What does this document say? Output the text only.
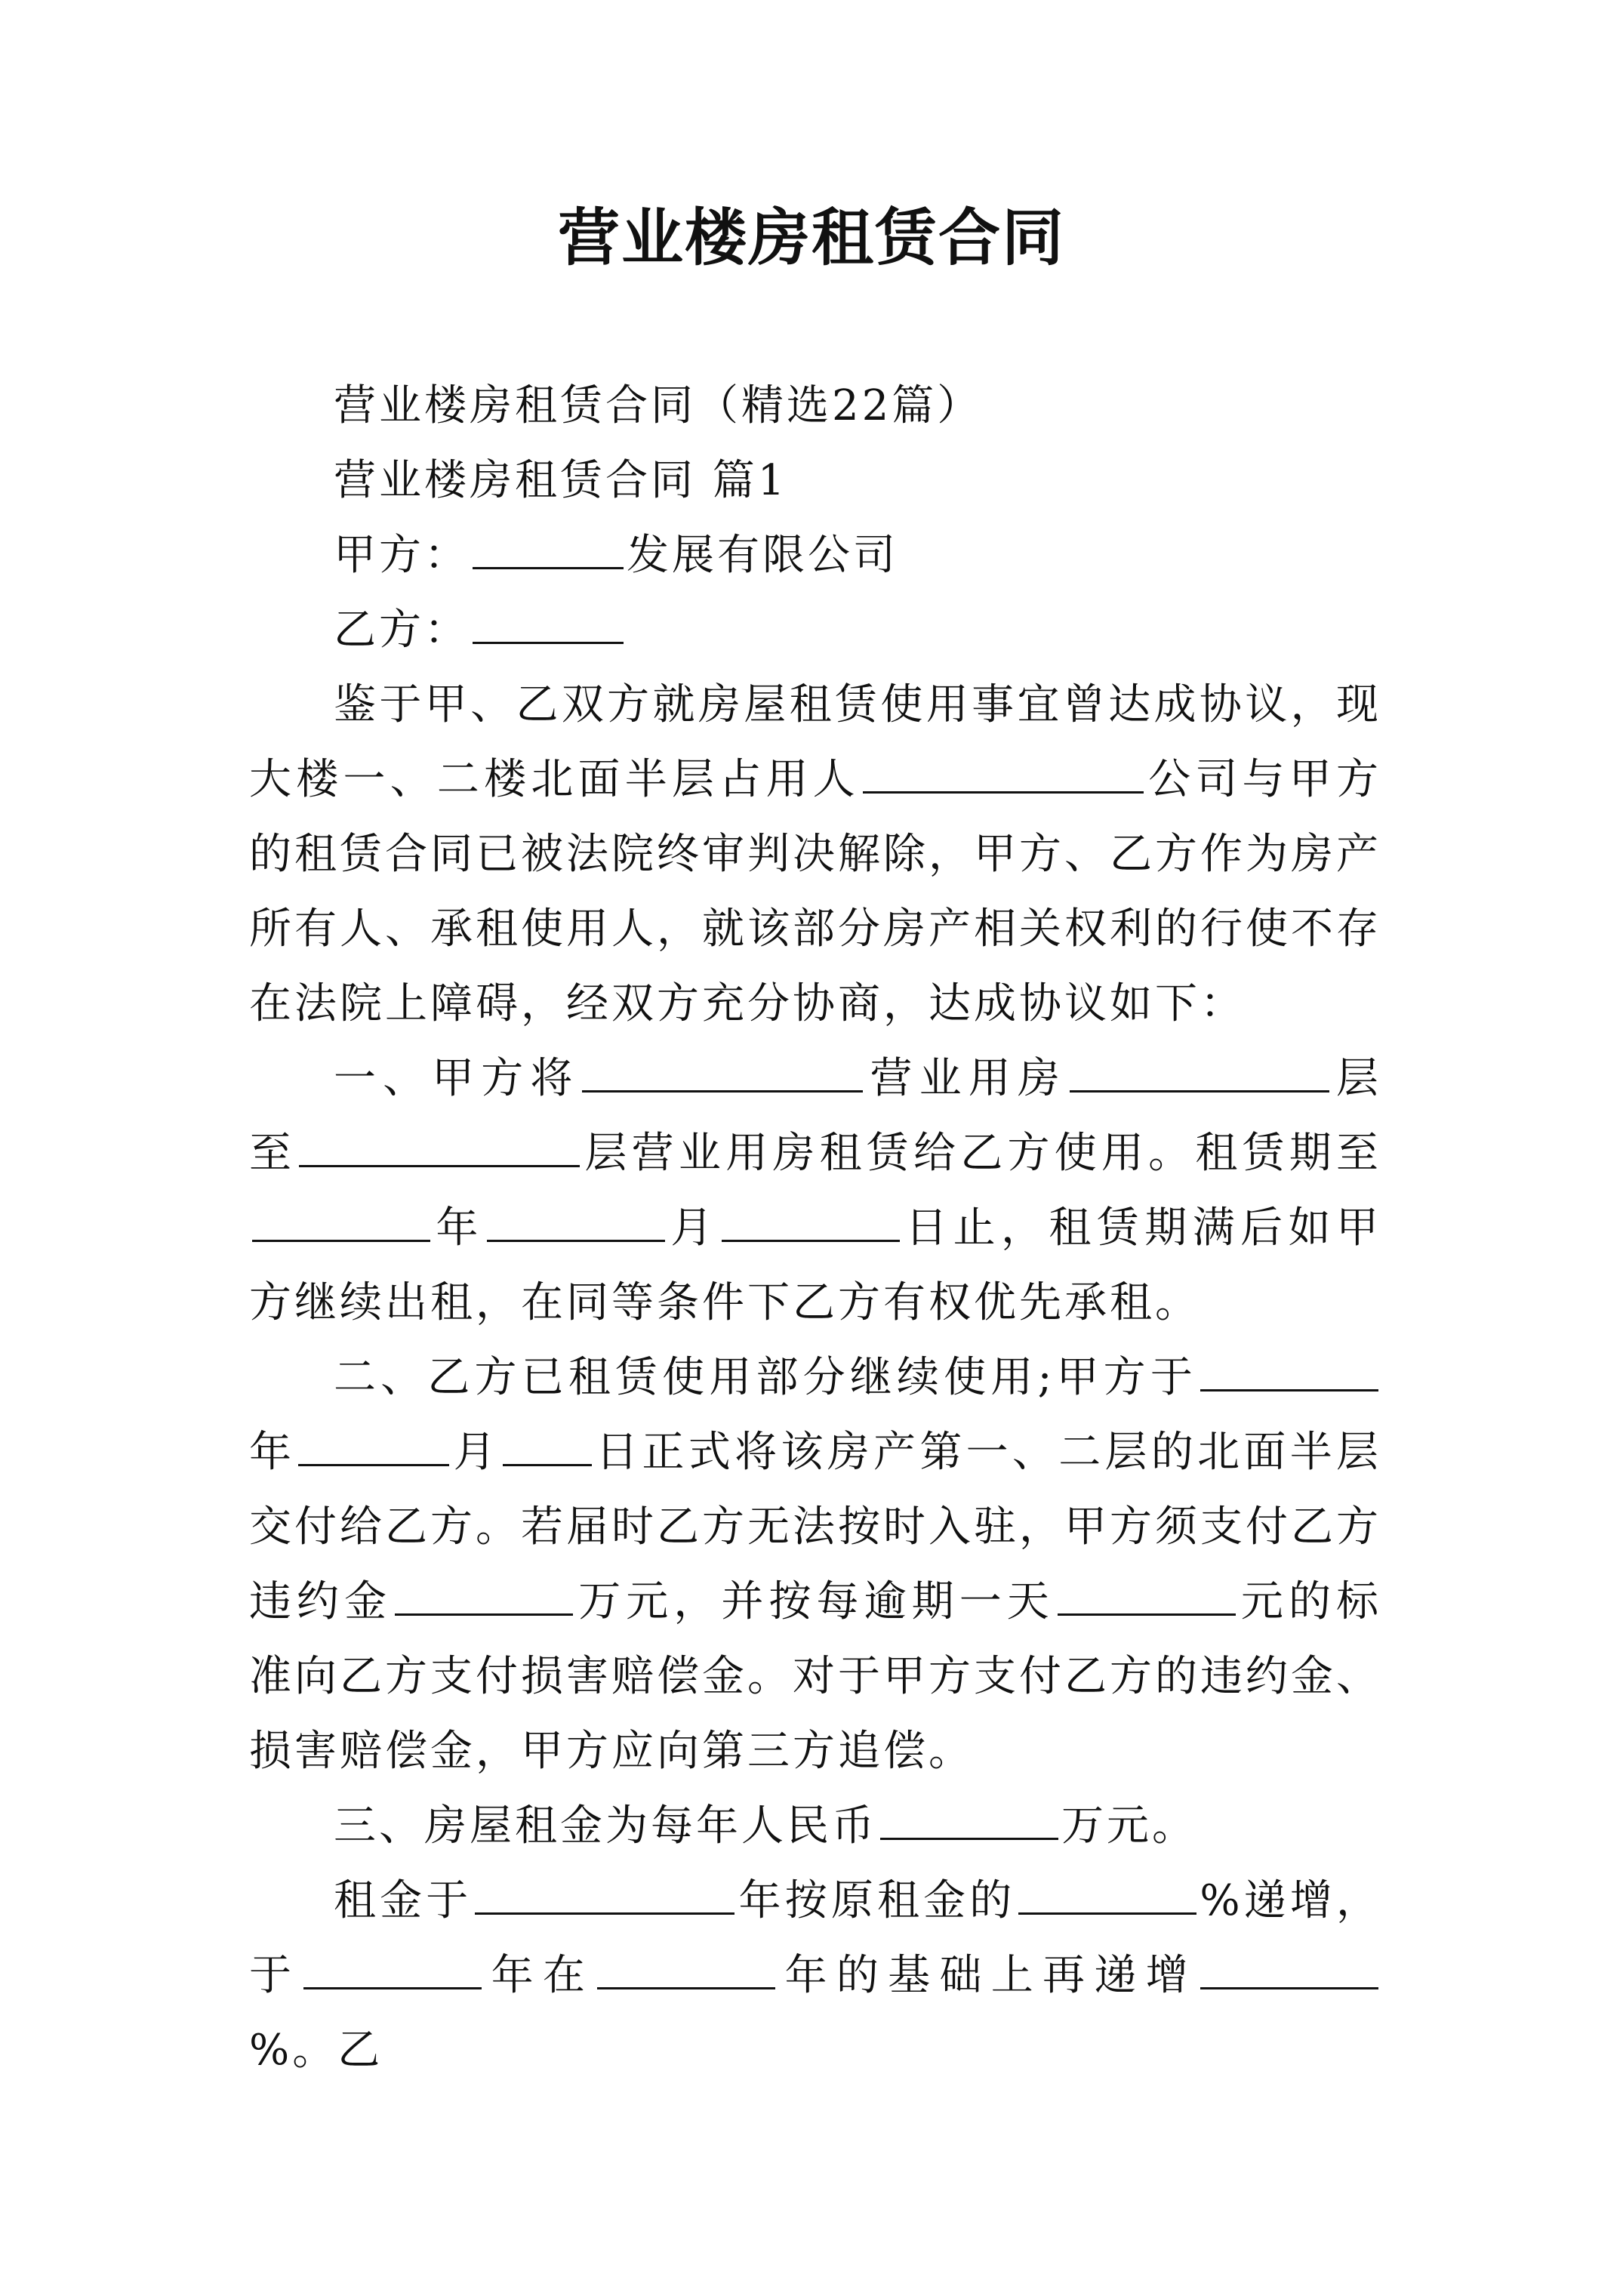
营业楼房租赁合同

营业楼房租赁合同（精选22篇）

营业楼房租赁合同 篇1

甲方：	发展有限公司

乙方：

鉴于甲、乙双方就房屋租赁使用事宜曾达成协议，现大楼一、二楼北面半层占用人	公司与甲方的租赁合同已被法院终审判决解除，甲方、乙方作为房产所有人、承租使用人，就该部分房产相关权利的行使不存在法院上障碍，经双方充分协商，达成协议如下：

一、甲方将	营业用房	层至	层营业用房租赁给乙方使用。租赁期至年	月	日止，租赁期满后如甲方继续出租，在同等条件下乙方有权优先承租。

二、乙方已租赁使用部分继续使用;甲方于年	月 日正式将该房产第一、二层的北面半层交付给乙方。若届时乙方无法按时入驻，甲方须支付乙方违约金	万元，并按每逾期一天	元的标准向乙方支付损害赔偿金。对于甲方支付乙方的违约金、损害赔偿金，甲方应向第三方追偿。

三、房屋租金为每年人民币	万元。

租金于	年按原租金的	%递增，于	年在	年的基础上再递增%。乙
